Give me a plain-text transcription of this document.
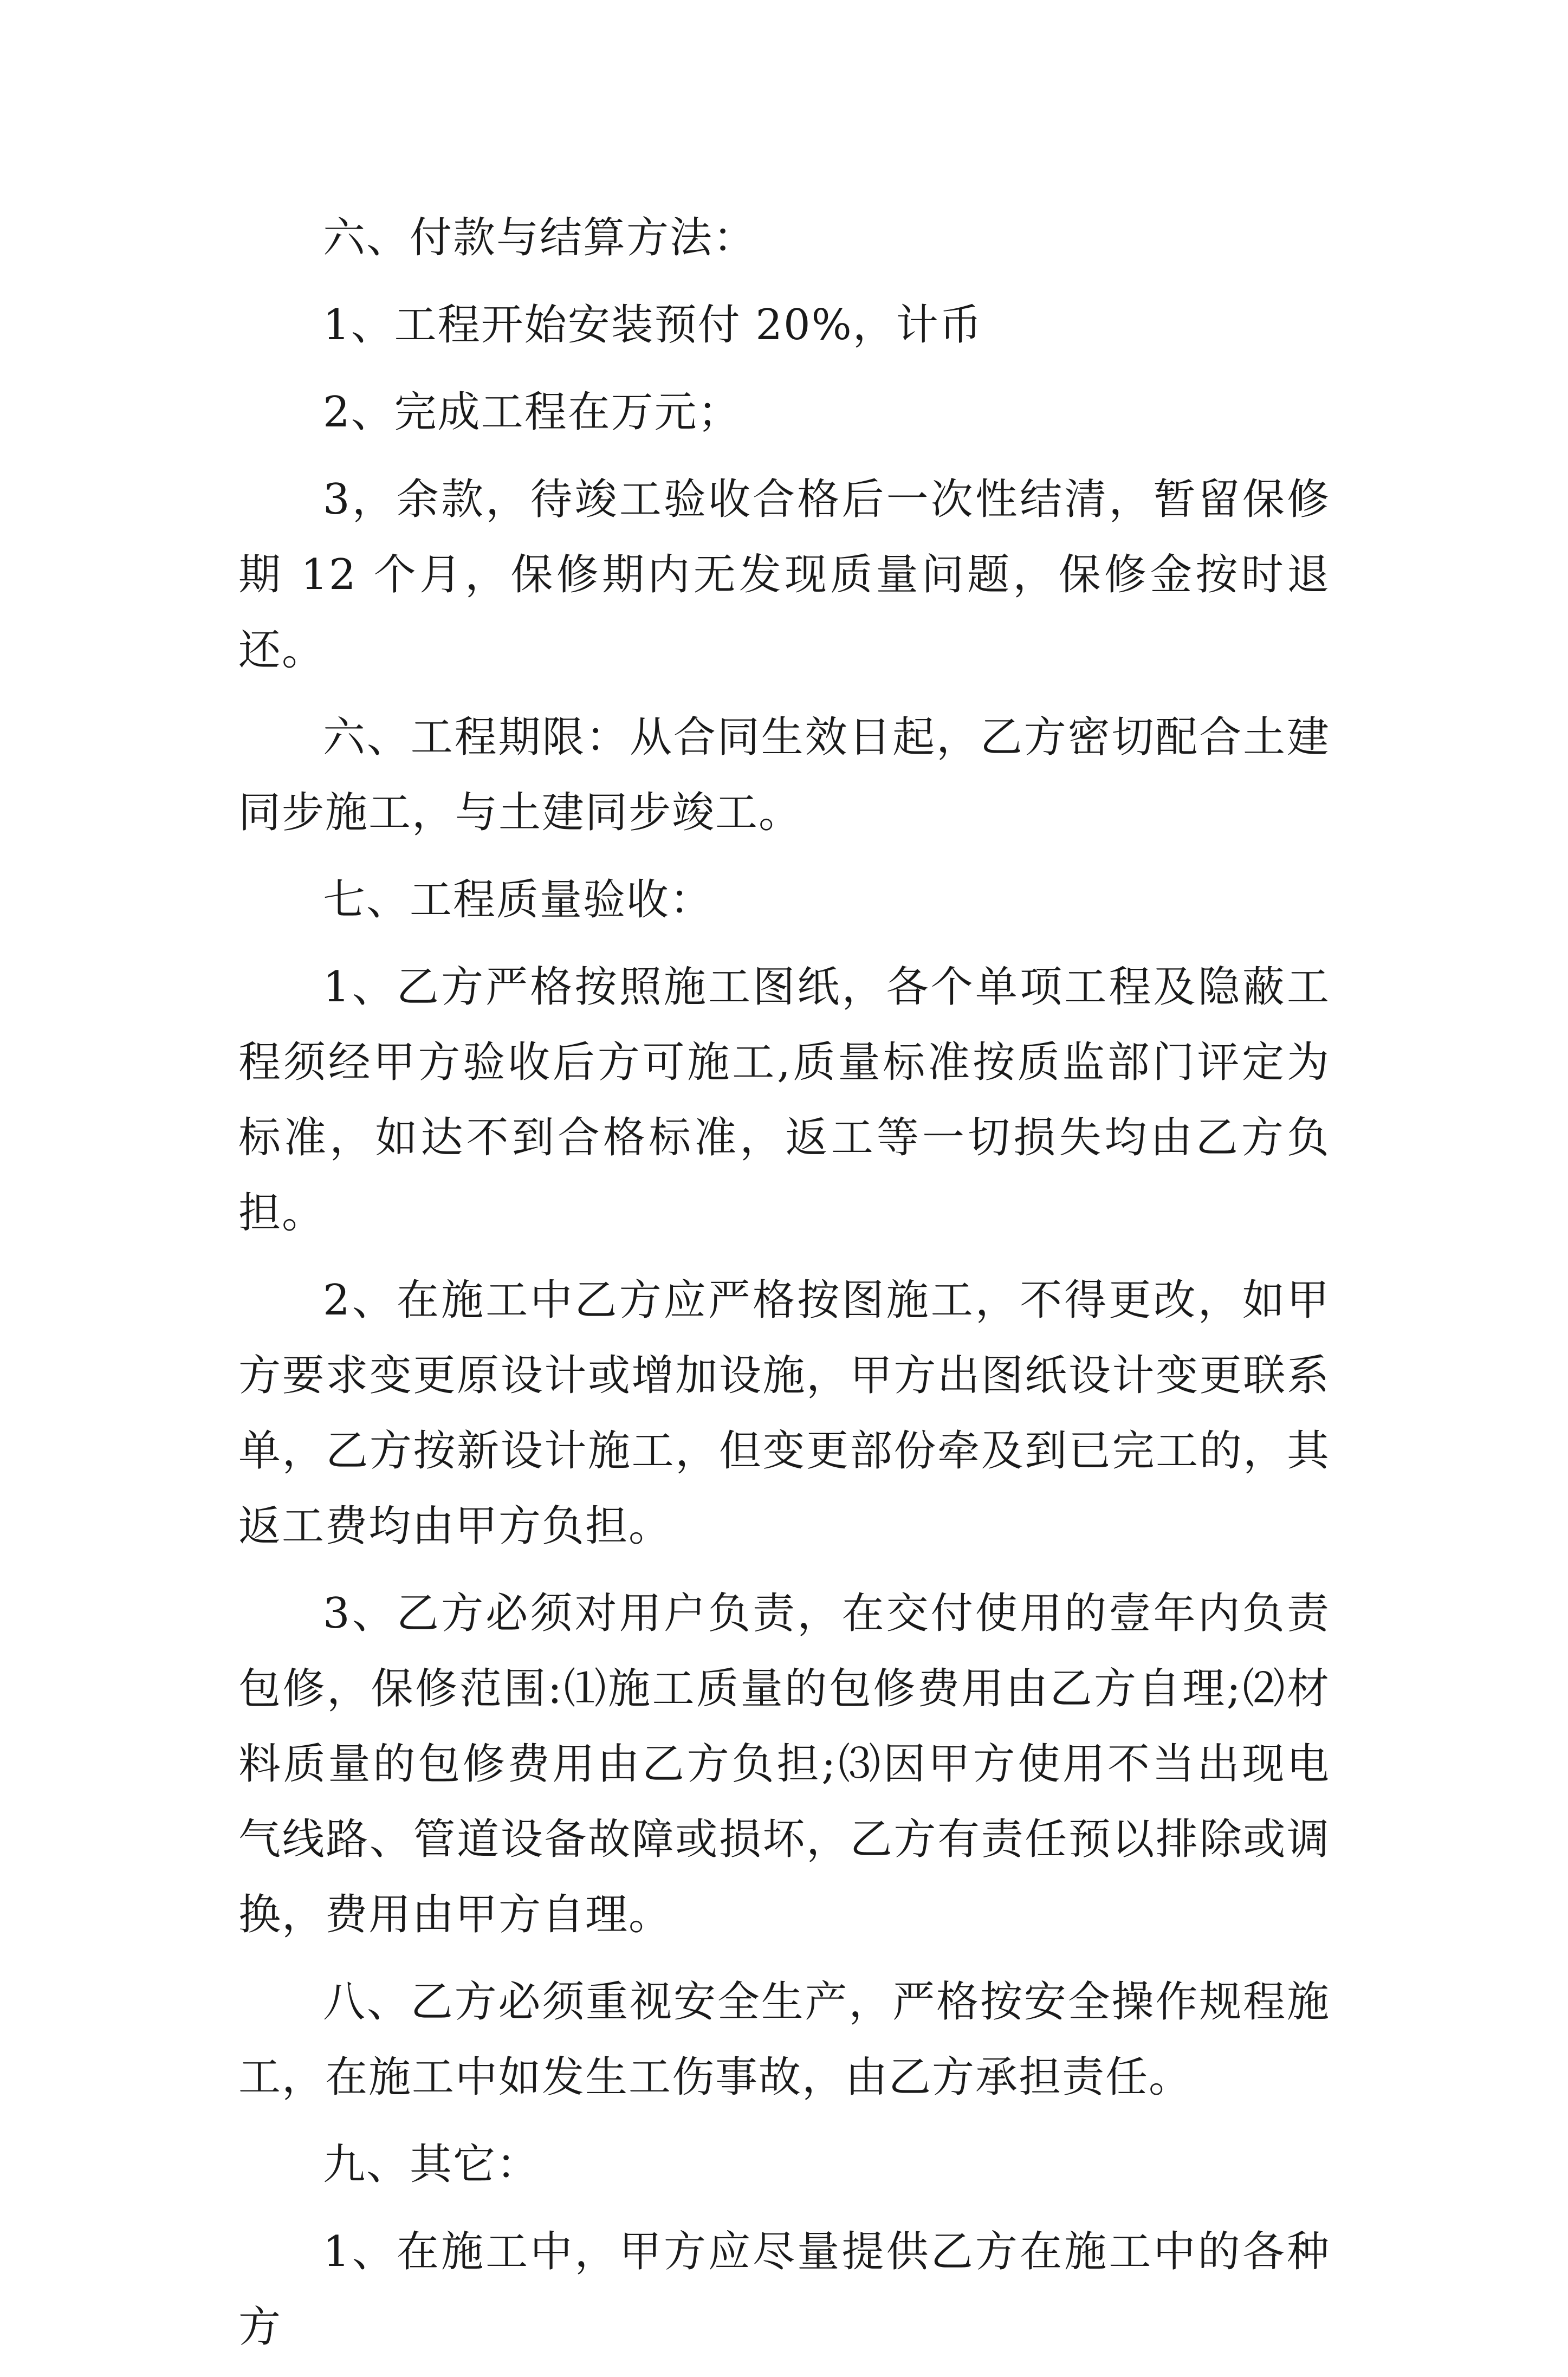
六、付款与结算方法：

1、工程开始安装预付 20%，计币

2、完成工程在万元；

3，余款，待竣工验收合格后一次性结清，暂留保修期 12 个月，保修期内无发现质量问题，保修金按时退还。

六、工程期限：从合同生效日起，乙方密切配合土建同步施工，与土建同步竣工。

七、工程质量验收：

1、乙方严格按照施工图纸，各个单项工程及隐蔽工程须经甲方验收后方可施工,质量标准按质监部门评定为标准，如达不到合格标准，返工等一切损失均由乙方负担。

2、在施工中乙方应严格按图施工，不得更改，如甲方要求变更原设计或增加设施，甲方出图纸设计变更联系单，乙方按新设计施工，但变更部份牵及到已完工的，其返工费均由甲方负担。

3、乙方必须对用户负责，在交付使用的壹年内负责包修，保修范围:⑴施工质量的包修费用由乙方自理;⑵材料质量的包修费用由乙方负担;⑶因甲方使用不当出现电气线路、管道设备故障或损坏，乙方有责任预以排除或调换，费用由甲方自理。

八、乙方必须重视安全生产，严格按安全操作规程施工，在施工中如发生工伤事故，由乙方承担责任。

九、其它：

1、在施工中，甲方应尽量提供乙方在施工中的各种方
